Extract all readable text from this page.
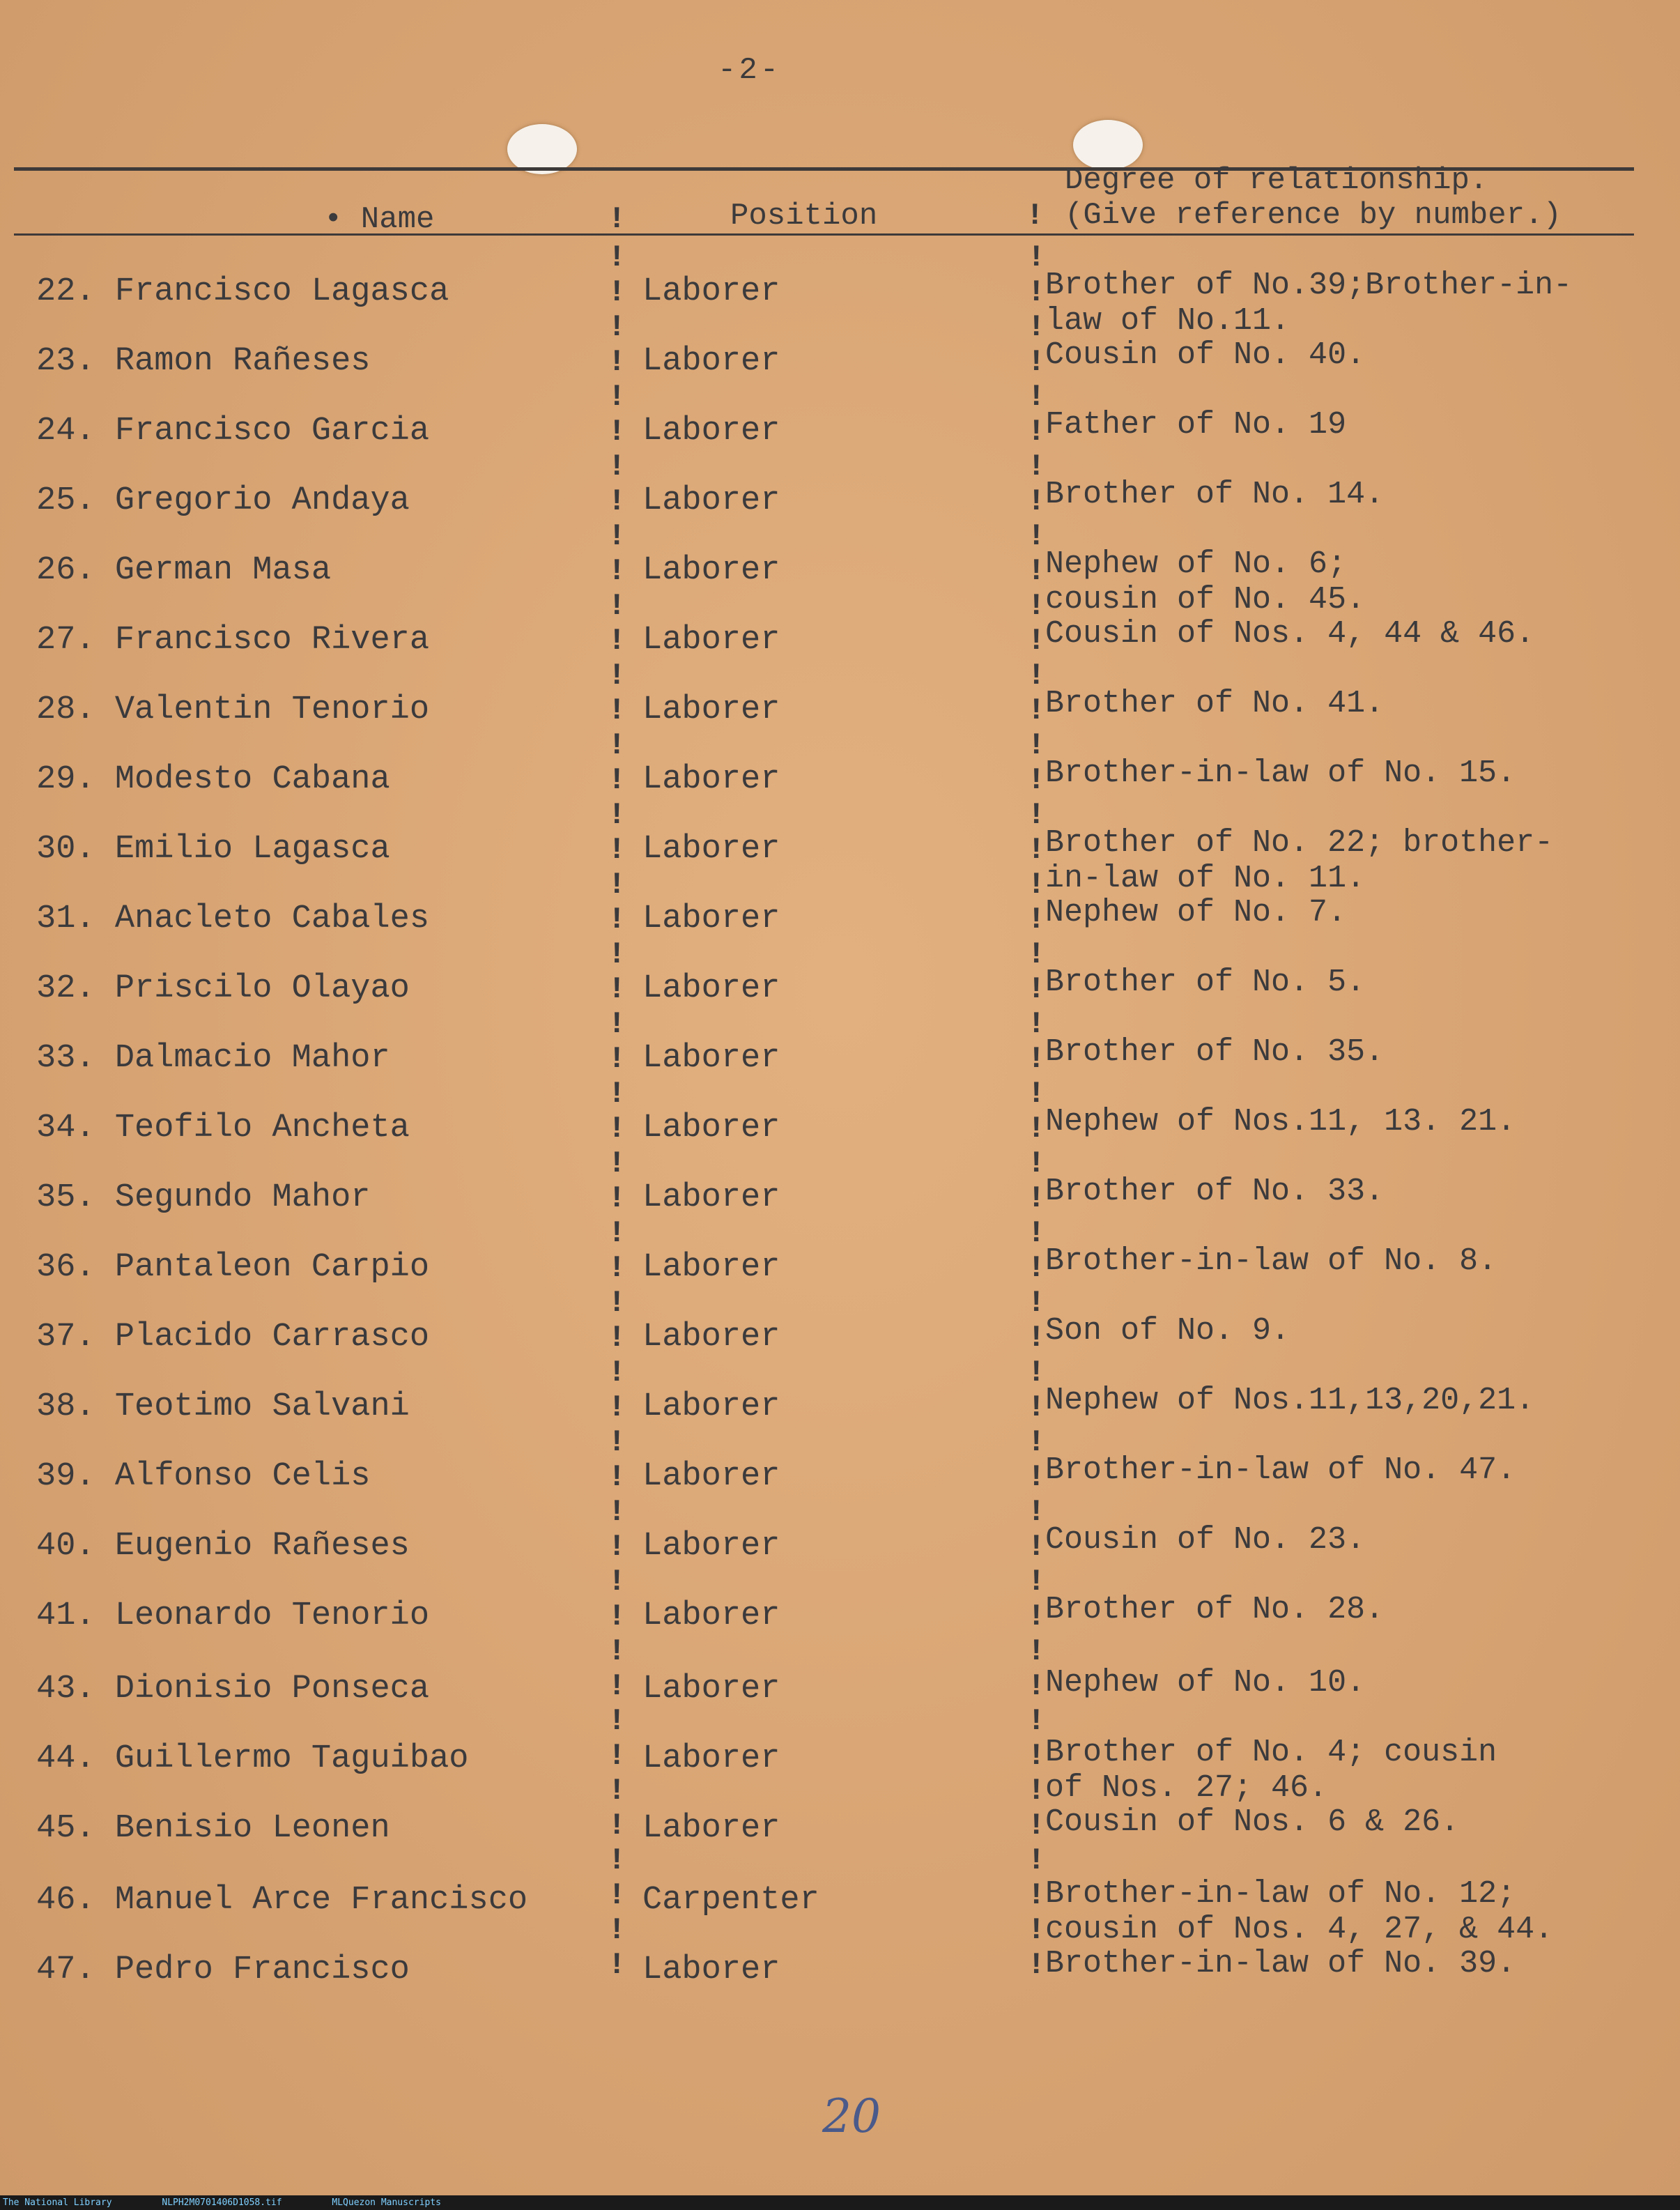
-2-
• Name	Position
Degree of relationship.
(Give reference by number.)
!	!
!
!
!
!
!
!
!
!
!
!
!
!
!
!
!
!
!
!
!
!
!
!
!
!
!
!
!
!
!
!
!
!
!
!
!
!
!
!
!
!
!
!
!
!
!
!
!
!
!
!
!
!
!
!
!
!
!
!
!
!
!
!
!
!
!
!
!
!
!
!
!
!
!
!
!
!
!
!
!
!
!
!
!
!
!
!
!
!
!
!
!
!
!
!
!
!
!
!
!
!
22. Francisco Lagasca	Laborer	Brother of No.39;Brother-in-
law of No.11.
23. Ramon Rañeses	Laborer	Cousin of No. 40.

24. Francisco Garcia	Laborer	Father of No. 19

25. Gregorio Andaya	Laborer	Brother of No. 14.

26. German Masa	Laborer	Nephew of No. 6;
cousin of No. 45.
27. Francisco Rivera	Laborer	Cousin of Nos. 4, 44 & 46.

28. Valentin Tenorio	Laborer	Brother of No. 41.

29. Modesto Cabana	Laborer	Brother-in-law of No. 15.

30. Emilio Lagasca	Laborer	Brother of No. 22; brother-
in-law of No. 11.
31. Anacleto Cabales	Laborer	Nephew of No. 7.

32. Priscilo Olayao	Laborer	Brother of No. 5.

33. Dalmacio Mahor	Laborer	Brother of No. 35.

34. Teofilo Ancheta	Laborer	Nephew of Nos.11, 13. 21.

35. Segundo Mahor	Laborer	Brother of No. 33.

36. Pantaleon Carpio	Laborer	Brother-in-law of No. 8.

37. Placido Carrasco	Laborer	Son of No. 9.

38. Teotimo Salvani	Laborer	Nephew of Nos.11,13,20,21.

39. Alfonso Celis	Laborer	Brother-in-law of No. 47.

40. Eugenio Rañeses	Laborer	Cousin of No. 23.

41. Leonardo Tenorio	Laborer	Brother of No. 28.

43. Dionisio Ponseca	Laborer	Nephew of No. 10.

44. Guillermo Taguibao	Laborer	Brother of No. 4; cousin
of Nos. 27; 46.
45. Benisio Leonen	Laborer	Cousin of Nos. 6 & 26.

46. Manuel Arce Francisco	Carpenter	Brother-in-law of No. 12;
cousin of Nos. 4, 27, & 44.
47. Pedro Francisco	Laborer	Brother-in-law of No. 39.

20
The National Library	NLPH2M0701406D1058.tif	MLQuezon Manuscripts
